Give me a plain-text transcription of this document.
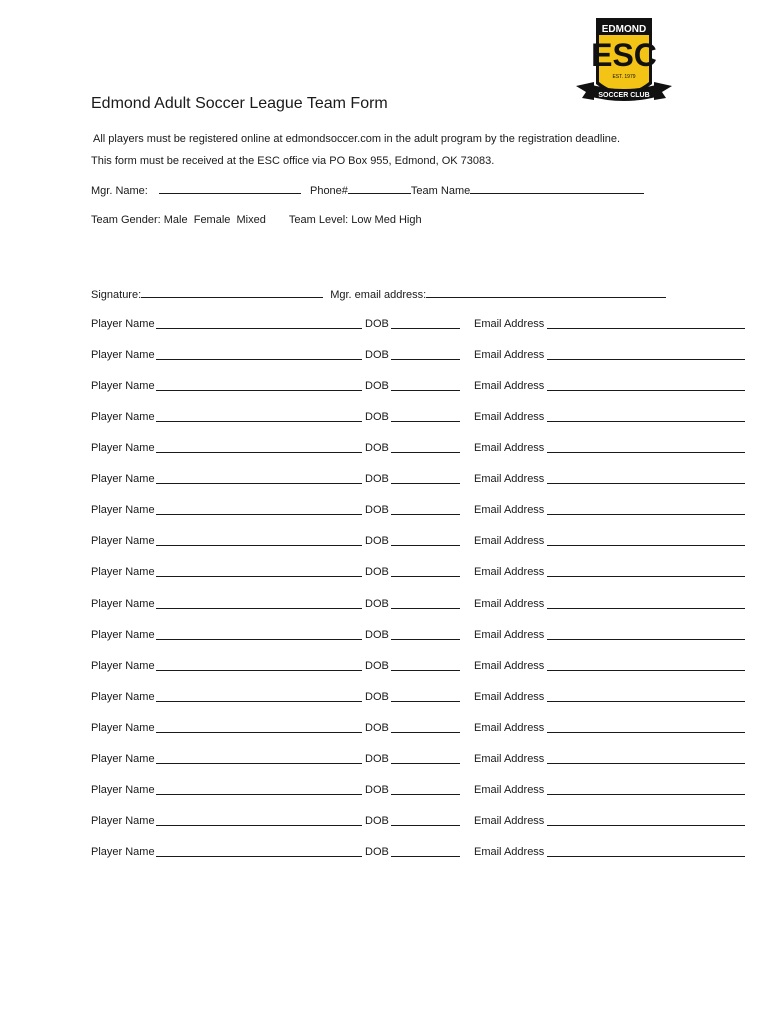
EDMOND
ESC
EST. 1979
SOCCER CLUB
Edmond Adult Soccer League Team Form
All players must be registered online at edmondsoccer.com in the adult program by the registration deadline.
This form must be received at the ESC office via PO Box 955, Edmond, OK 73083.
Mgr. Name:	Phone#	Team Name
Team Gender: Male  Female  Mixed Team Level: Low Med High
Signature:	Mgr. email address:
Player Name	DOB	Email Address
Player Name	DOB	Email Address
Player Name	DOB	Email Address
Player Name	DOB	Email Address
Player Name	DOB	Email Address
Player Name	DOB	Email Address
Player Name	DOB	Email Address
Player Name	DOB	Email Address
Player Name	DOB	Email Address
Player Name	DOB	Email Address
Player Name	DOB	Email Address
Player Name	DOB	Email Address
Player Name	DOB	Email Address
Player Name	DOB	Email Address
Player Name	DOB	Email Address
Player Name	DOB	Email Address
Player Name	DOB	Email Address
Player Name	DOB	Email Address
